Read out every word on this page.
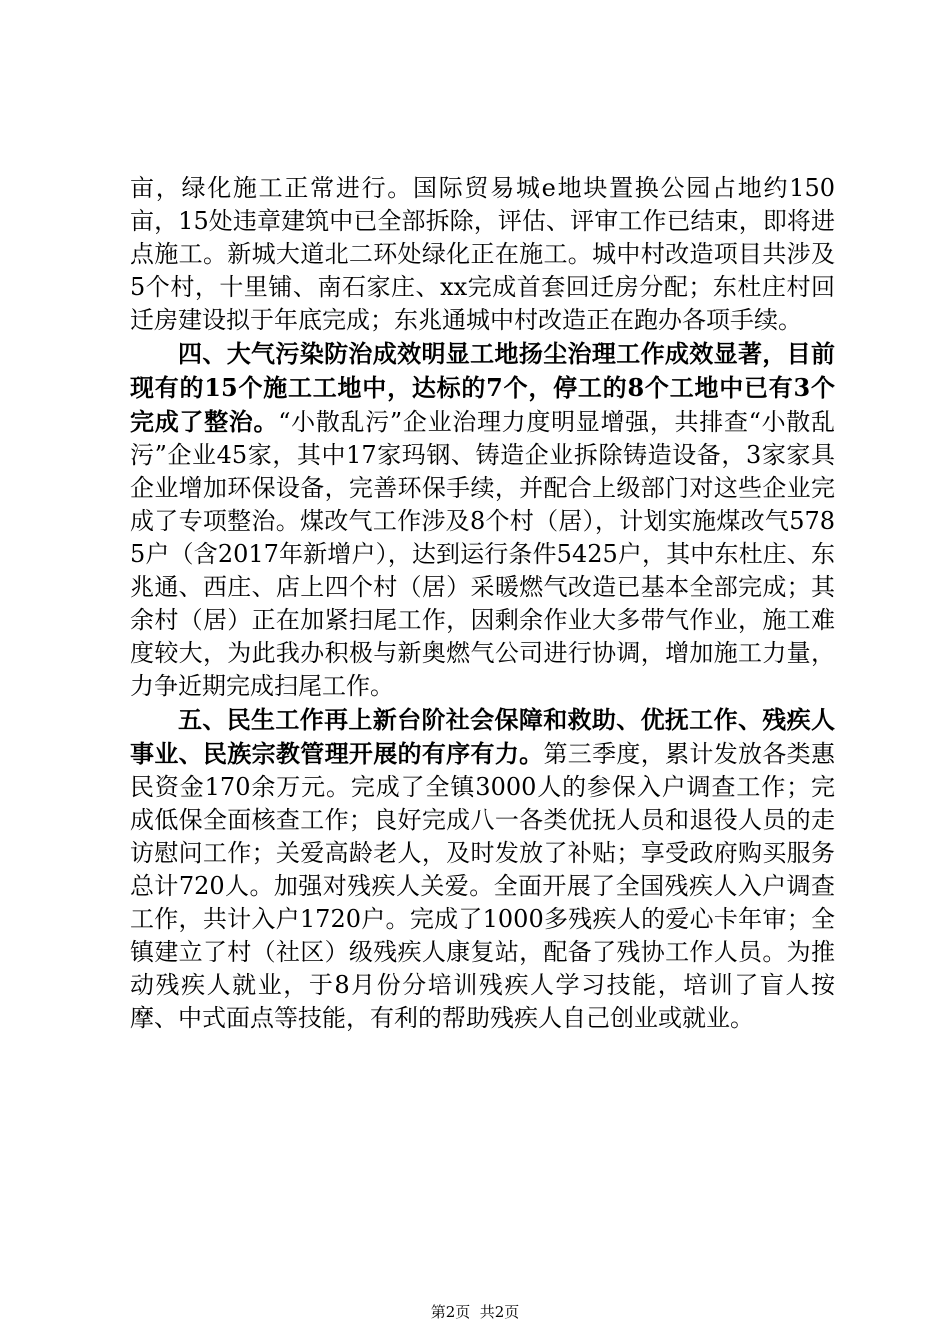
亩，绿化施工正常进行。国际贸易城e地块置换公园占地约150亩，15处违章建筑中已全部拆除，评估、评审工作已结束，即将进点施工。新城大道北二环处绿化正在施工。城中村改造项目共涉及5个村，十里铺、南石家庄、xx完成首套回迁房分配；东杜庄村回迁房建设拟于年底完成；东兆通城中村改造正在跑办各项手续。

四、大气污染防治成效明显工地扬尘治理工作成效显著，目前现有的15个施工工地中，达标的7个，停工的8个工地中已有3个完成了整治。“小散乱污”企业治理力度明显增强，共排查“小散乱污”企业45家，其中17家玛钢、铸造企业拆除铸造设备，3家家具企业增加环保设备，完善环保手续，并配合上级部门对这些企业完成了专项整治。煤改气工作涉及8个村（居），计划实施煤改气5785户（含2017年新增户），达到运行条件5425户，其中东杜庄、东兆通、西庄、店上四个村（居）采暖燃气改造已基本全部完成；其余村（居）正在加紧扫尾工作，因剩余作业大多带气作业，施工难度较大，为此我办积极与新奥燃气公司进行协调，增加施工力量，力争近期完成扫尾工作。

五、民生工作再上新台阶社会保障和救助、优抚工作、残疾人事业、民族宗教管理开展的有序有力。第三季度，累计发放各类惠民资金170余万元。完成了全镇3000人的参保入户调查工作；完成低保全面核查工作；良好完成八一各类优抚人员和退役人员的走访慰问工作；关爱高龄老人，及时发放了补贴；享受政府购买服务总计720人。加强对残疾人关爱。全面开展了全国残疾人入户调查工作，共计入户1720户。完成了1000多残疾人的爱心卡年审；全镇建立了村（社区）级残疾人康复站，配备了残协工作人员。为推动残疾人就业，于8月份分培训残疾人学习技能，培训了盲人按摩、中式面点等技能，有利的帮助残疾人自己创业或就业。

第2页  共2页
